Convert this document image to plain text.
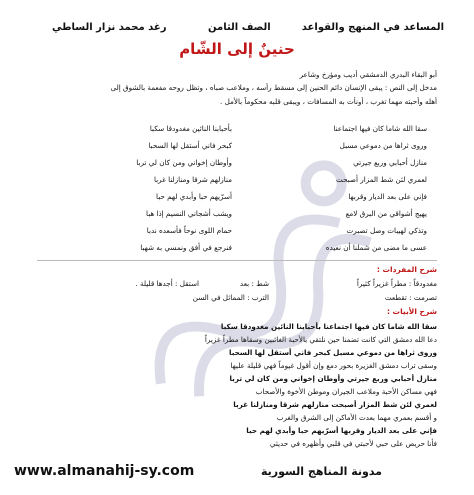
المساعد في المنهج والقواعد
الصف الثامن
رغد محمد نزار الساطي
حنينٌ إلى الشّام
أبو البقاء البدري الدمشقي أديب ومؤرخ وشاعر
مدخل إلى النص : يبقى الإنسان دائم الحنين إلى مسقط رأسه ، وملاعب صباه ، وتظل روحه مفعمة بالشوق إلى
أهله وأحبته مهما تغرب ، أونأت به المسافات ، ويبقى قلبه محكوماً بالأمل .
سقا الله شاما كان فيها اجتماعنا
بأحبابنا النائين مغدودقا سكبا
وروى ثراها من دموعي مسبل
كبحر فاني أستقل لها السحبا
منازل أحبابي وربع جيرتي
وأوطان إخواني ومن كان لي تربا
لعمري لئن شط المزار أصبحت
منازلهم شرقا ومنازلنا غربا
فإني على بعد الديار وقربها
أسرّيهم حبا وأبدي لهم حبا
يهيج أشواقي من البرق لامع
ويشب أشجاني النسيم إذا هبا
وتذكي لهيبات وصل تصبرت
حمام اللوى نوحاً فأسعده ندبا
عسى ما مضى من شملنا أن نعيده
فنرجع في أفق ونمسي به شهبا
شرح المفردات :
مغدودقاً : مطراً غزيراً كثيراً
شط : بعد
استقل : أجدها قليلة .
تصرمت : تقطعت
الترب : المماثل في السن
شرح الأبيات :
سقا الله شاما كان فيها اجتماعنا بأحبابنا النائين مغدودقا سكبا
دعا الله دمشق التي كانت تضمنا حين نلتقي بالأحبة الغائبين وسقاها مطراً غزيراً
وروى ثراها من دموعي مسبل كبحر فاني أستقل لها السحبا
وسقى تراب دمشق الغزيرة بحور دمع وإن أقول غيوماً فهي قليلة عليها
منازل أحبابي وربع جيرتي وأوطان إخواني ومن كان لي تربا
فهي مساكن الأحبة وملاعب الجيران وموطن الأخوة والأصحاب
لعمري لئن شط المزار أصبحت منازلهم شرقا ومنازلنا غربا
و أقسم بعمري مهما بعدت الأماكن إلى الشرق والغرب
فإني على بعد الديار وقربها أسرّيهم حبا وأبدي لهم حبا
فأنا حريص على حبي لأحبتي في قلبي وأظهره في حديثي
مدونة المناهج السورية
www.almanahij-sy.com
